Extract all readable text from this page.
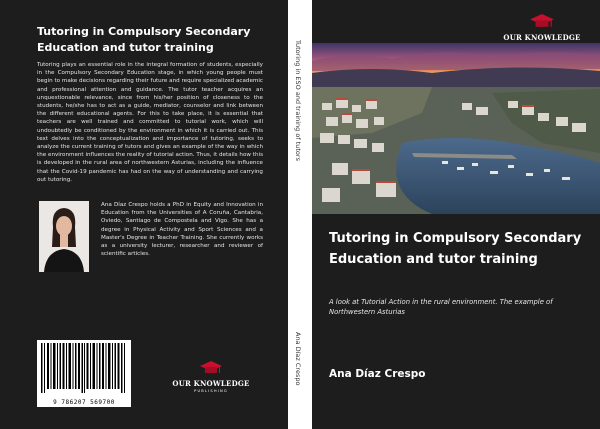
Tutoring in Compulsory Secondary Education and tutor training
Tutoring plays an essential role in the integral formation of students, especially in the Compulsory Secondary Education stage, in which young people must begin to make decisions regarding their future and require specialized academic and professional attention and guidance. The tutor teacher acquires an unquestionable relevance, since from his/her position of closeness to the students, he/she has to act as a guide, mediator, counselor and link between the different educational agents. For this to take place, it is essential that teachers are well trained and committed to tutorial work, which will undoubtedly be conditioned by the environment in which it is carried out. This text delves into the conceptualization and importance of tutoring, seeks to analyze the current training of tutors and gives an example of the way in which the environment influences the reality of tutorial action. Thus, it details how this is developed in the rural area of northwestern Asturias, including the influence that the Covid-19 pandemic has had on the way of understanding and carrying out tutoring.
Ana Díaz Crespo holds a PhD in Equity and Innovation in Education from the Universities of A Coruña, Cantabria, Oviedo, Santiago de Compostela and Vigo. She has a degree in Physical Activity and Sport Sciences and a Master's Degree in Teacher Training. She currently works as a university lecturer, researcher and reviewer of scientific articles.
9 786207 569700
OUR KNOWLEDGE
PUBLISHING
Tutoring in ESO and training of tutors
Ana Díaz Crespo
OUR KNOWLEDGE
Tutoring in Compulsory Secondary Education and tutor training
A look at Tutorial Action in the rural environment. The example of Northwestern Asturias
Ana Díaz Crespo
